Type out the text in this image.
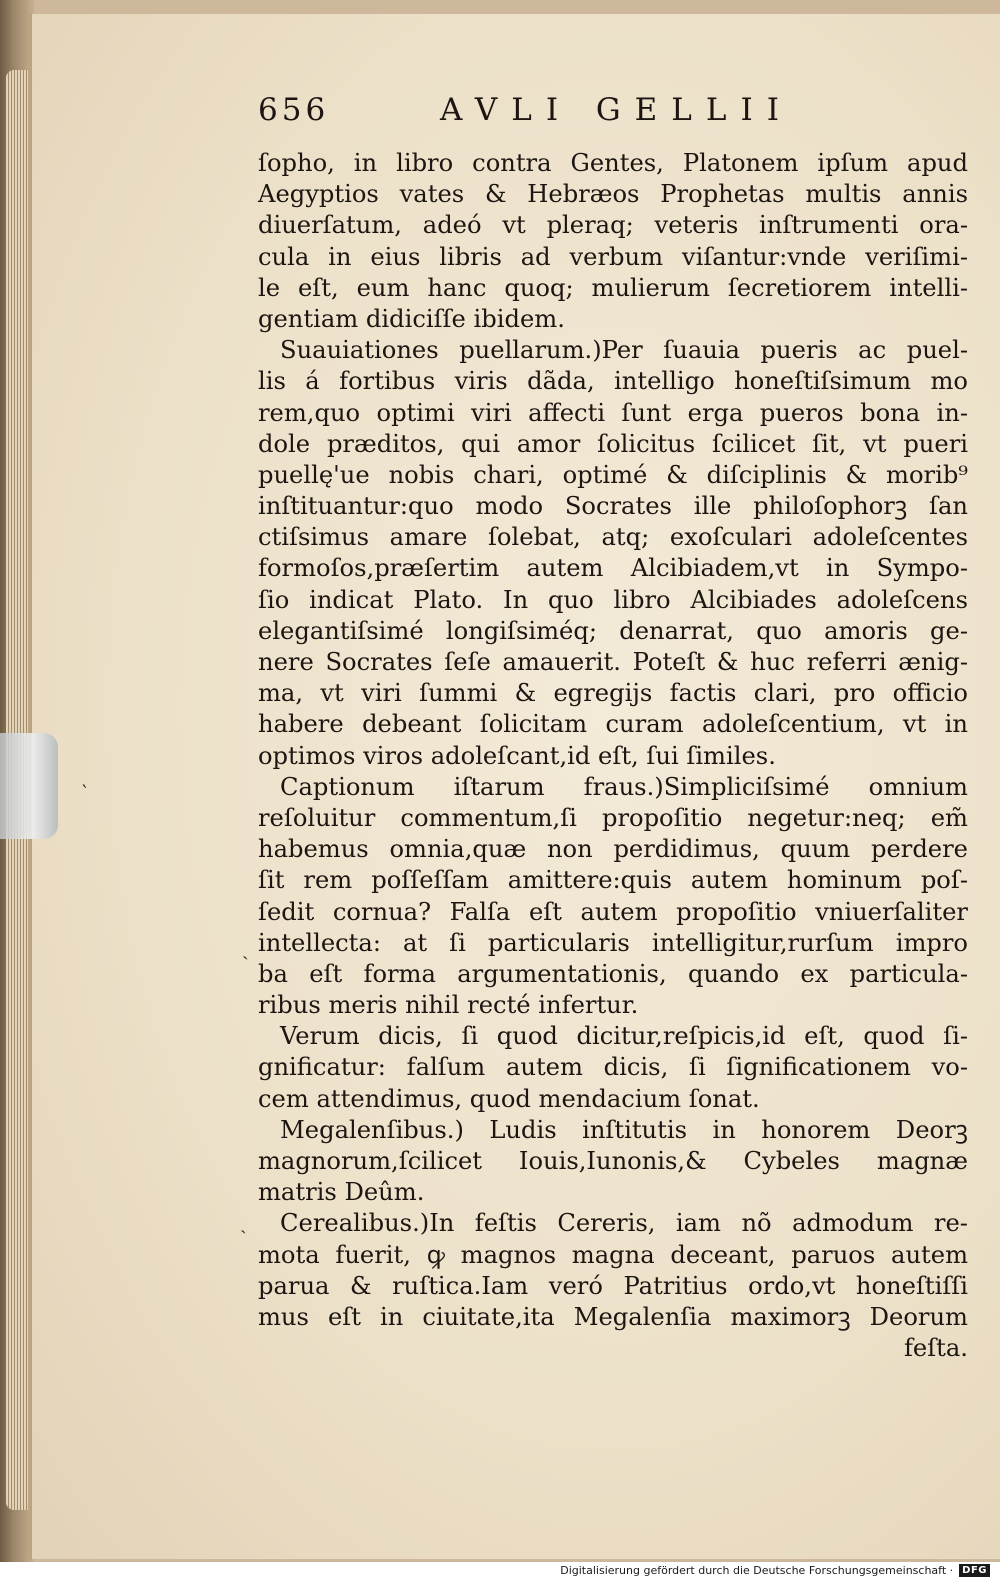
‵
ˎ
ˎ
656	AVLI GELLII
ſopho, in libro contra Gentes, Platonem ipſum apud
Aegyptios vates & Hebræos Prophetas multis annis
diuerſatum, adeó vt pleraq; veteris inſtrumenti ora-
cula in eius libris ad verbum viſantur:vnde veriſimi-
le eſt, eum hanc quoq; mulierum ſecretiorem intelli-
gentiam didiciſſe ibidem.
Suauiationes puellarum.)Per ſuauia pueris ac puel-
lis á fortibus viris dãda, intelligo honeſtiſsimum mo
rem,quo optimi viri affecti ſunt erga pueros bona in-
dole præditos, qui amor ſolicitus ſcilicet ſit, vt pueri
puellę'ue nobis chari, optimé & diſciplinis & morib⁹
inſtituantur:quo modo Socrates ille philoſophorꝫ ſan
ctiſsimus amare ſolebat, atq; exoſculari adoleſcentes
formoſos,præſertim autem Alcibiadem,vt in Sympo-
ſio indicat Plato. In quo libro Alcibiades adoleſcens
elegantiſsimé longiſsiméq; denarrat, quo amoris ge-
nere Socrates ſeſe amauerit. Poteſt & huc referri ænig-
ma, vt viri ſummi & egregijs factis clari, pro officio
habere debeant ſolicitam curam adoleſcentium, vt in
optimos viros adoleſcant,id eſt, ſui ſimiles.
Captionum iſtarum fraus.)Simpliciſsimé omnium
reſoluitur commentum,ſi propoſitio negetur:neq; em̃
habemus omnia,quæ non perdidimus, quum perdere
ſit rem poſſeſſam amittere:quis autem hominum poſ-
ſedit cornua? Falſa eſt autem propoſitio vniuerſaliter
intellecta: at ſi particularis intelligitur,rurſum impro
ba eſt forma argumentationis, quando ex particula-
ribus meris nihil recté infertur.
Verum dicis, ſi quod dicitur,reſpicis,id eſt, quod ſi-
gnificatur: falſum autem dicis, ſi ſignificationem vo-
cem attendimus, quod mendacium ſonat.
Megalenſibus.) Ludis inſtitutis in honorem Deorꝫ
magnorum,ſcilicet Iouis,Iunonis,& Cybeles magnæ
matris Deûm.
Cerealibus.)In feſtis Cereris, iam nõ admodum re-
mota fuerit, ꝙ magnos magna deceant, paruos autem
parua & ruſtica.Iam veró Patritius ordo,vt honeſtiſſi
mus eſt in ciuitate,ita Megalenſia maximorꝫ Deorum
feſta.
Digitalisierung gefördert durch die Deutsche Forschungsgemeinschaft · DFG
